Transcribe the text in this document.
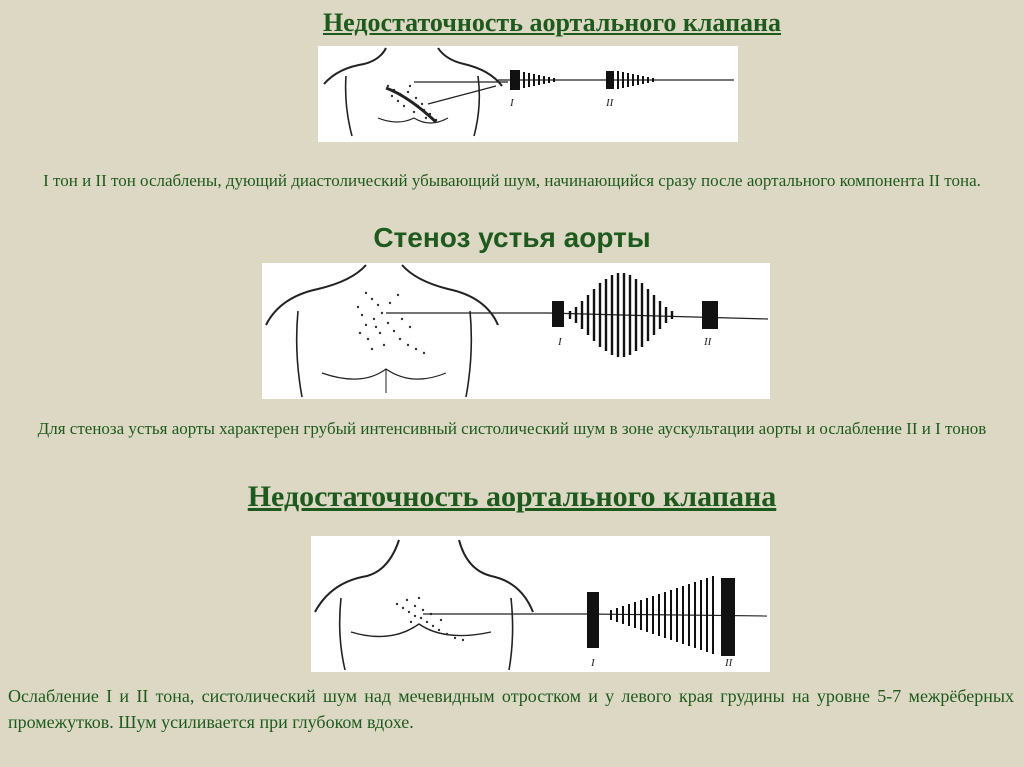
Недостаточность аортального клапана
I	II
I тон и II тон ослаблены, дующий диастолический убывающий шум, начинающийся сразу после аортального компонента II тона.
Стеноз устья аорты
I	II
Для стеноза устья аорты характерен грубый интенсивный систолический шум в зоне аускультации аорты и ослабление II и I тонов
Недостаточность аортального клапана
I	II
Ослабление I и II тона, систолический шум над мечевидным отростком и у левого края грудины на уровне 5-7 межрёберных промежутков. Шум усиливается при глубоком вдохе.
